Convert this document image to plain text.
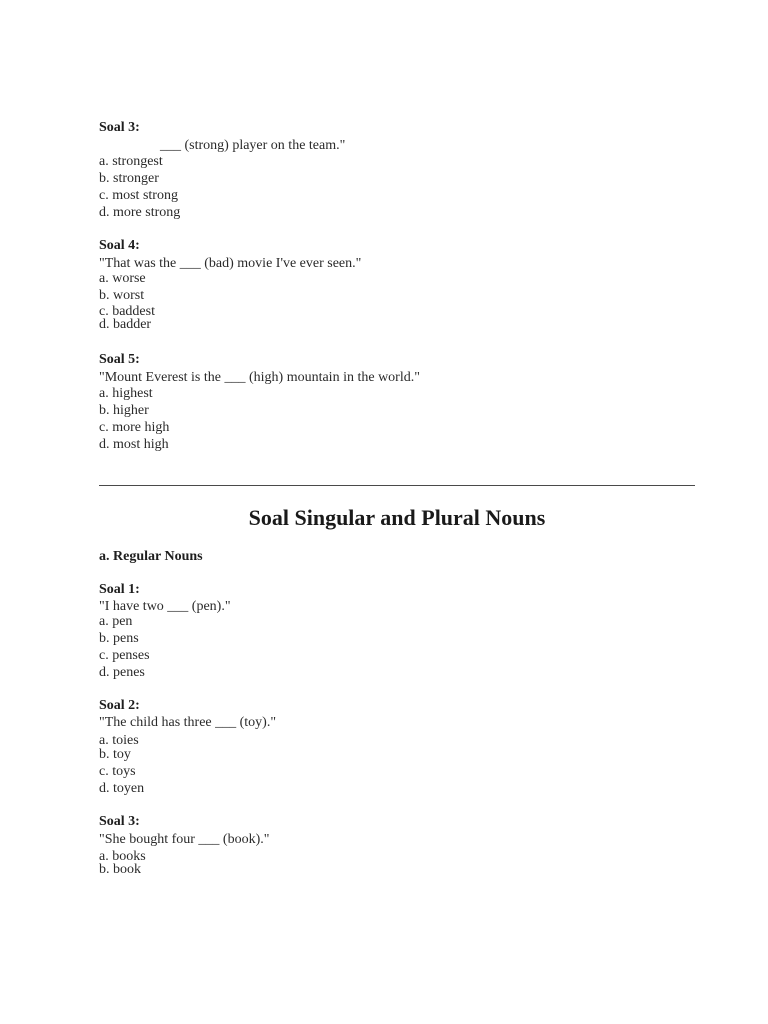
Soal 3:
___ (strong) player on the team."
a. strongest
b. stronger
c. most strong
d. more strong
Soal 4:
"That was the ___ (bad) movie I've ever seen."
a. worse
b. worst
c. baddest
d. badder
Soal 5:
"Mount Everest is the ___ (high) mountain in the world."
a. highest
b. higher
c. more high
d. most high
Soal Singular and Plural Nouns
a. Regular Nouns
Soal 1:
"I have two ___ (pen)."
a. pen
b. pens
c. penses
d. penes
Soal 2:
"The child has three ___ (toy)."
a. toies
b. toy
c. toys
d. toyen
Soal 3:
"She bought four ___ (book)."
a. books
b. book
